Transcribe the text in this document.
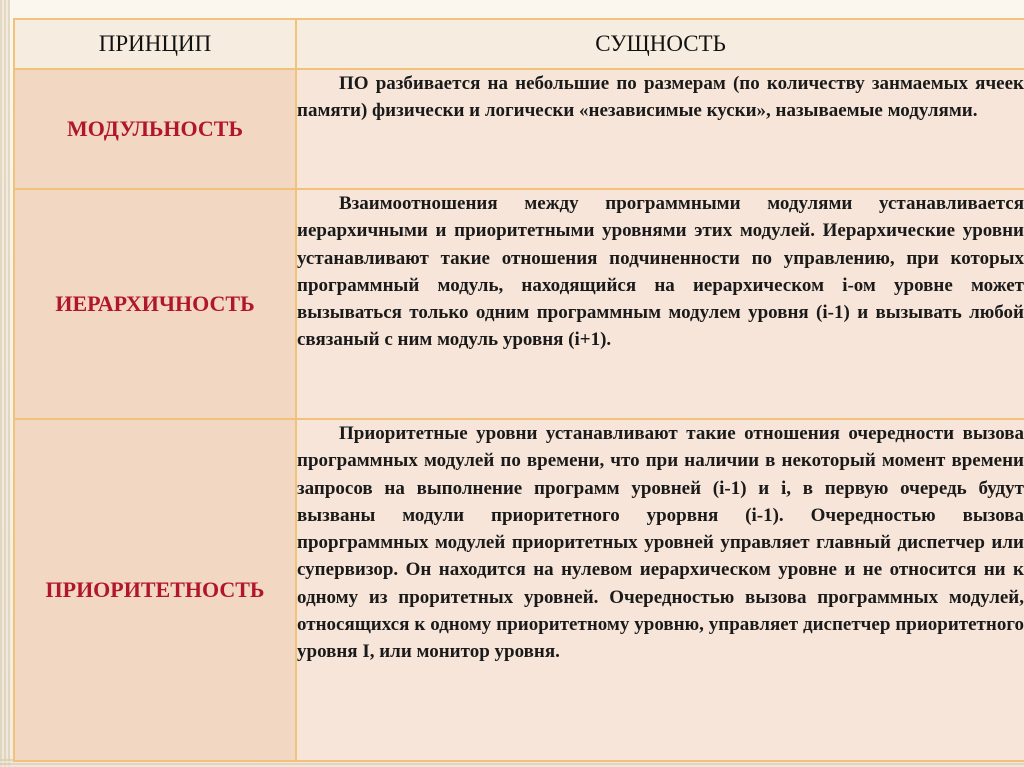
ПРИНЦИП	СУЩНОСТЬ
МОДУЛЬНОСТЬ	ПО разбивается на небольшие по размерам (по количеству занмаемых ячеек памяти) физически и логически «независимые куски», называемые модулями.

ИЕРАРХИЧНОСТЬ	Взаимоотношения между программными модулями устанавливается иерархичными и приоритетными уровнями этих модулей. Иерархические уровни устанавливают такие отношения подчиненности по управлению, при которых программный модуль, находящийся на иерархическом i-ом уровне может вызываться только одним программным модулем уровня (i-1) и вызывать любой связаный с ним модуль уровня (i+1).

ПРИОРИТЕТНОСТЬ	Приоритетные уровни устанавливают такие отношения очередности вызова программных модулей по времени, что при наличии в некоторый момент времени запросов на выполнение программ уровней (i-1) и i, в первую очередь будут вызваны модули приоритетного урорвня (i-1). Очередностью вызова прорграммных модулей приоритетных уровней управляет главный диспетчер или супервизор. Он находится на нулевом иерархическом уровне и не относится ни к одному из проритетных уровней. Очередностью вызова программных модулей, относящихся к одному приоритетному уровню, управляет диспетчер приоритетного уровня I, или монитор уровня.
